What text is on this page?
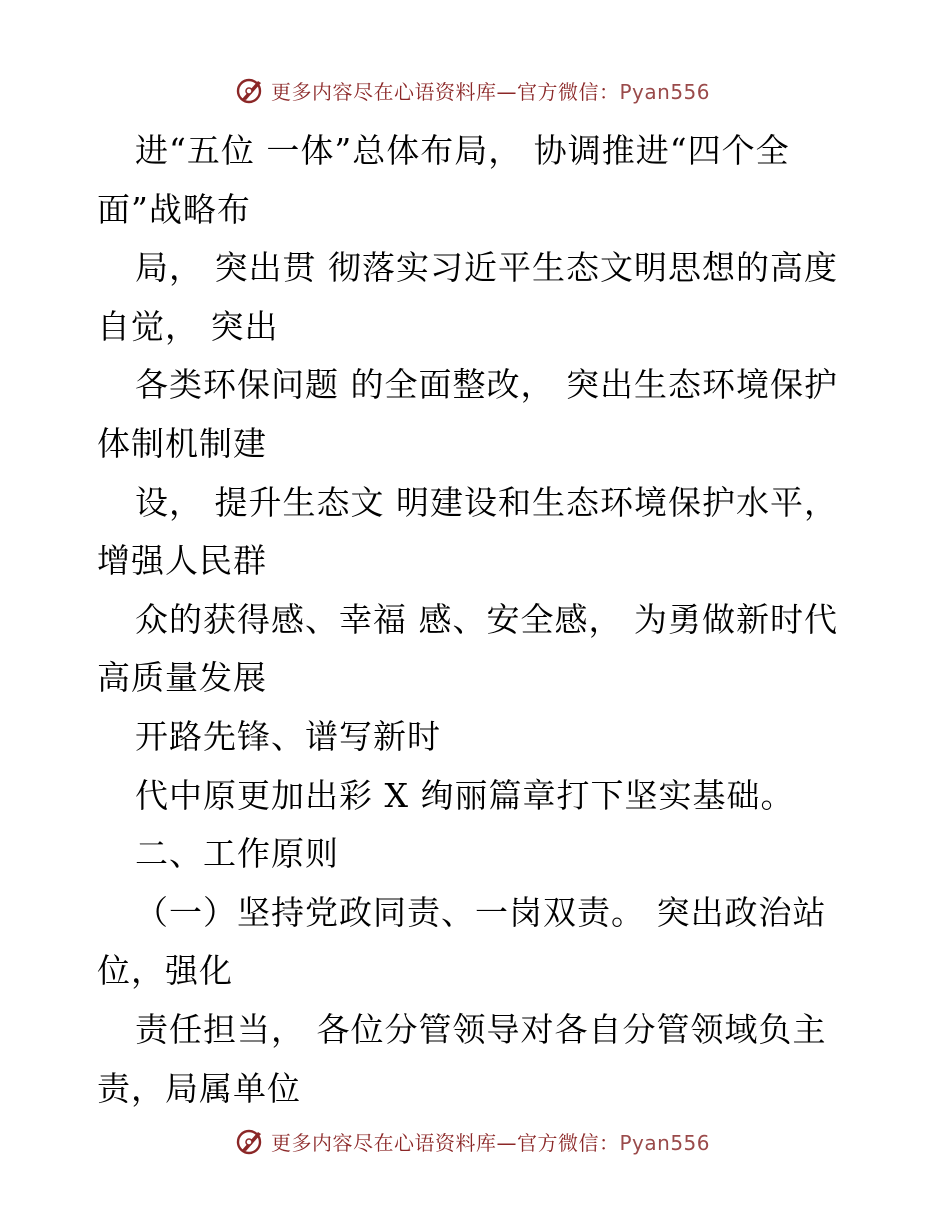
更多内容尽在心语资料库—官方微信：Pyan556
进“五位 一体”总体布局， 协调推进“四个全
面”战略布
局， 突出贯 彻落实习近平生态文明思想的高度
自觉， 突出
各类环保问题 的全面整改， 突出生态环境保护
体制机制建
设， 提升生态文 明建设和生态环境保护水平，
增强人民群
众的获得感、幸福 感、安全感， 为勇做新时代
高质量发展
开路先锋、谱写新时
代中原更加出彩 X 绚丽篇章打下坚实基础。
二、工作原则
（一）坚持党政同责、一岗双责。 突出政治站
位，强化
责任担当， 各位分管领导对各自分管领域负主
责，局属单位
更多内容尽在心语资料库—官方微信：Pyan556
